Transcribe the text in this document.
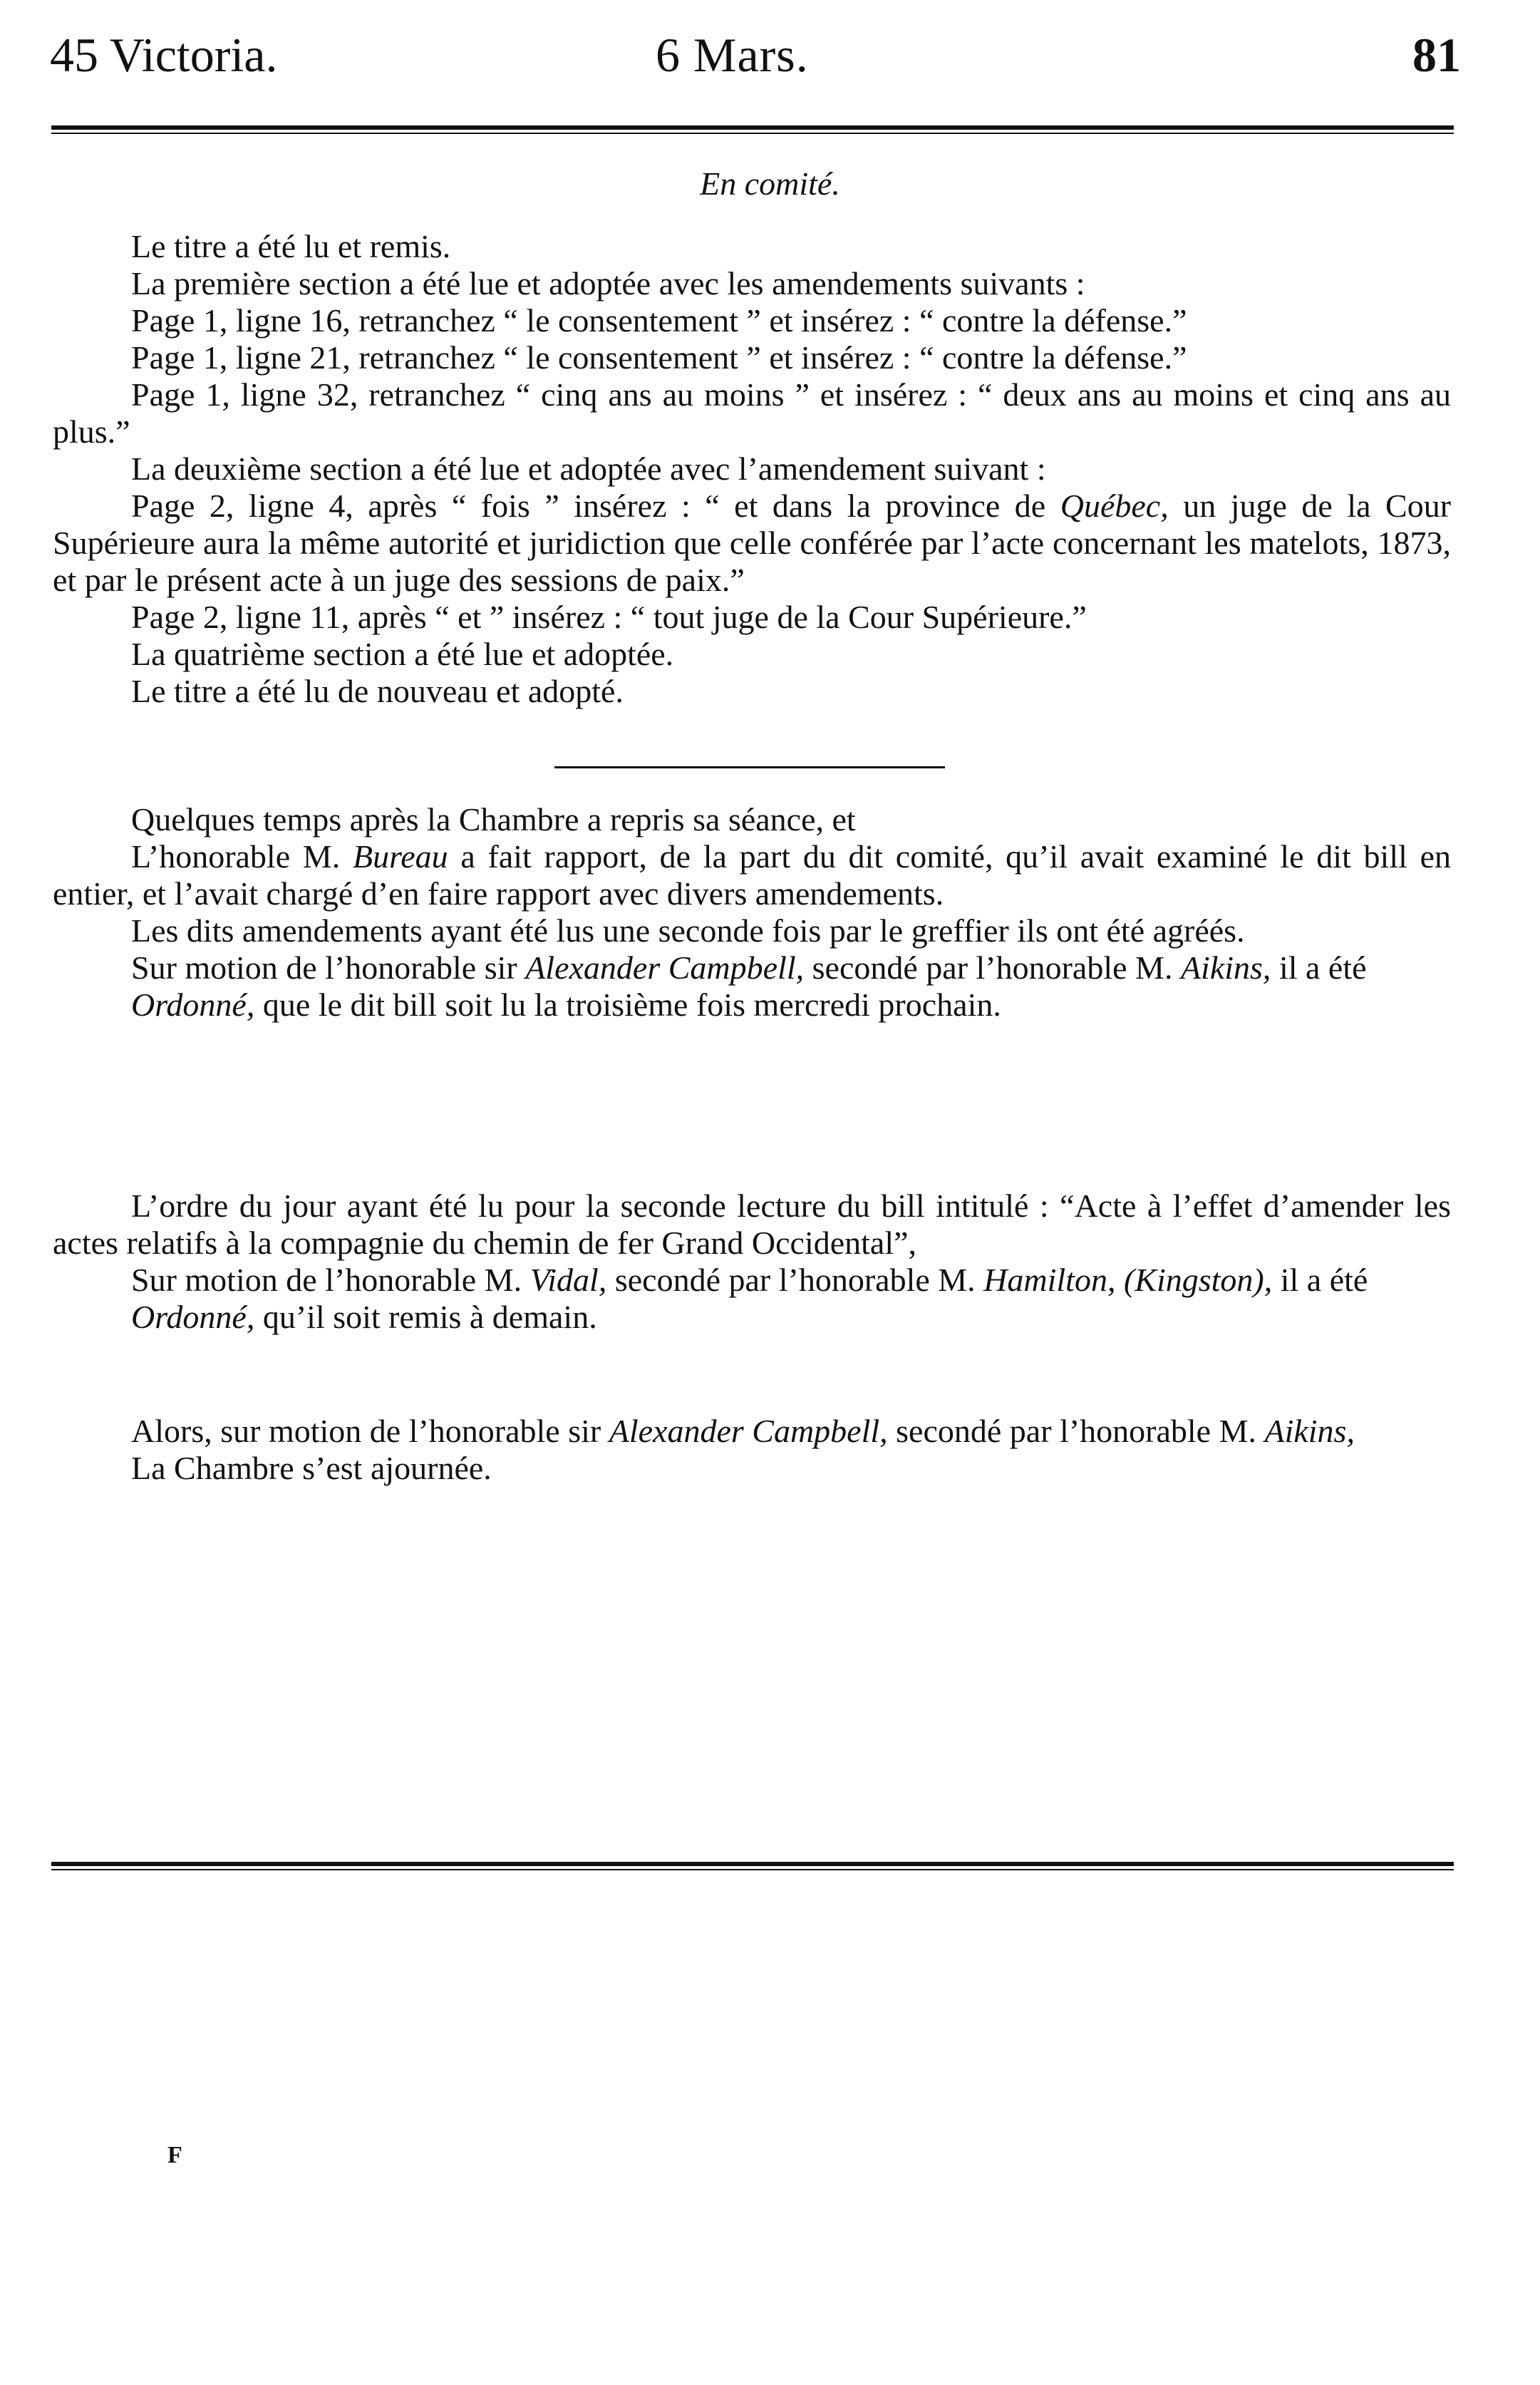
45 Victoria.	6 Mars.	81
En comité.

Le titre a été lu et remis.

La première section a été lue et adoptée avec les amendements suivants :

Page 1, ligne 16, retranchez “ le consentement ” et insérez : “ contre la défense.”

Page 1, ligne 21, retranchez “ le consentement ” et insérez : “ contre la défense.”

Page 1, ligne 32, retranchez “ cinq ans au moins ” et insérez : “ deux ans au moins et cinq ans au plus.”

La deuxième section a été lue et adoptée avec l’amendement suivant :

Page 2, ligne 4, après “ fois ” insérez : “ et dans la province de Québec, un juge de la Cour Supérieure aura la même autorité et juridiction que celle conférée par l’acte concernant les matelots, 1873, et par le présent acte à un juge des sessions de paix.”

Page 2, ligne 11, après “ et ” insérez : “ tout juge de la Cour Supérieure.”

La quatrième section a été lue et adoptée.

Le titre a été lu de nouveau et adopté.

Quelques temps après la Chambre a repris sa séance, et

L’honorable M. Bureau a fait rapport, de la part du dit comité, qu’il avait examiné le dit bill en entier, et l’avait chargé d’en faire rapport avec divers amendements.

Les dits amendements ayant été lus une seconde fois par le greffier ils ont été agréés.

Sur motion de l’honorable sir Alexander Campbell, secondé par l’honorable M. Aikins, il a été

Ordonné, que le dit bill soit lu la troisième fois mercredi prochain.

L’ordre du jour ayant été lu pour la seconde lecture du bill intitulé : “Acte à l’effet d’amender les actes relatifs à la compagnie du chemin de fer Grand Occidental”,

Sur motion de l’honorable M. Vidal, secondé par l’honorable M. Hamilton, (Kingston), il a été

Ordonné, qu’il soit remis à demain.

Alors, sur motion de l’honorable sir Alexander Campbell, secondé par l’honorable M. Aikins,

La Chambre s’est ajournée.

F
